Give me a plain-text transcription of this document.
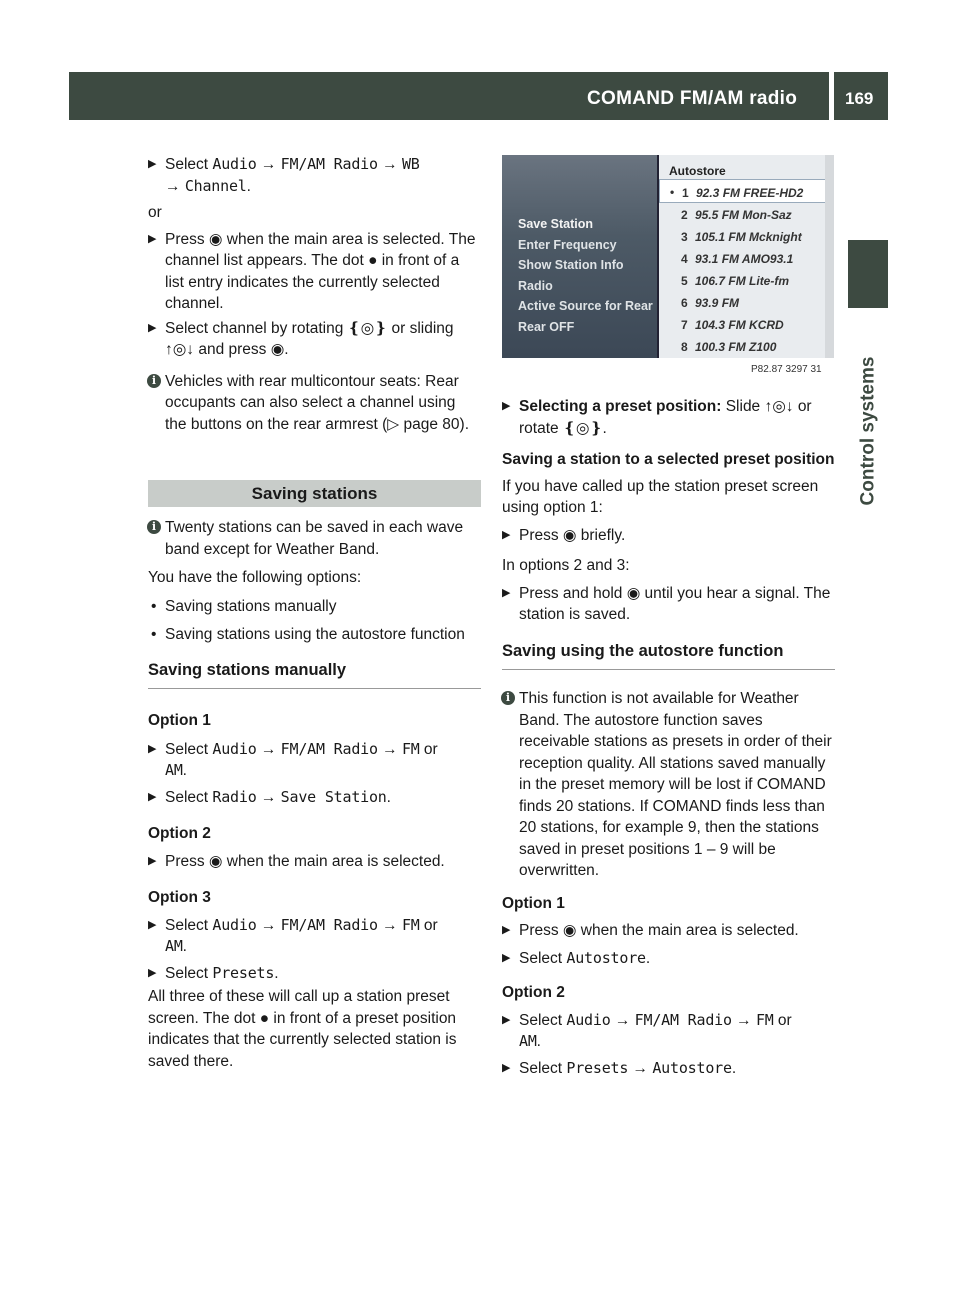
COMAND FM/AM radio	169
Control systems
▶ Select Audio → FM/AM Radio → WB
→ Channel.

or

▶ Press ◉ when the main area is selected. The channel list appears. The dot ● in front of a list entry indicates the currently selected channel.
▶ Select channel by rotating ❴◎❵ or sliding ↑◎↓ and press ◉.
i Vehicles with rear multicontour seats: Rear occupants can also select a channel using the buttons on the rear armrest (▷ page 80).
Saving stations
i Twenty stations can be saved in each wave band except for Weather Band.

You have the following options:

• Saving stations manually
• Saving stations using the autostore function
Saving stations manually

Option 1

▶ Select Audio → FM/AM Radio → FM or
AM.
▶ Select Radio → Save Station.

Option 2

▶ Press ◉ when the main area is selected.

Option 3

▶ Select Audio → FM/AM Radio → FM or
AM.
▶ Select Presets.

All three of these will call up a station preset screen. The dot ● in front of a preset position indicates that the currently selected station is saved there.

Save Station
Enter Frequency
Show Station Info
Radio
Active Source for Rear
Rear OFF
Autostore
• 1 92.3 FM FREE-HD2
2 95.5 FM Mon-Saz
3 105.1 FM Mcknight
4 93.1 FM AMO93.1
5 106.7 FM Lite-fm
6 93.9 FM
7 104.3 FM KCRD
8 100.3 FM Z100
P82.87 3297 31
▶ Selecting a preset position: Slide ↑◎↓ or rotate ❴◎❵.

Saving a station to a selected preset position

If you have called up the station preset screen using option 1:

▶ Press ◉ briefly.

In options 2 and 3:

▶ Press and hold ◉ until you hear a signal. The station is saved.
Saving using the autostore function
i This function is not available for Weather Band. The autostore function saves receivable stations as presets in order of their reception quality. All stations saved manually in the preset memory will be lost if COMAND finds 20 stations. If COMAND finds less than 20 stations, for example 9, then the stations saved in preset positions 1 – 9 will be overwritten.

Option 1

▶ Press ◉ when the main area is selected.
▶ Select Autostore.

Option 2

▶ Select Audio → FM/AM Radio → FM or
AM.
▶ Select Presets → Autostore.
